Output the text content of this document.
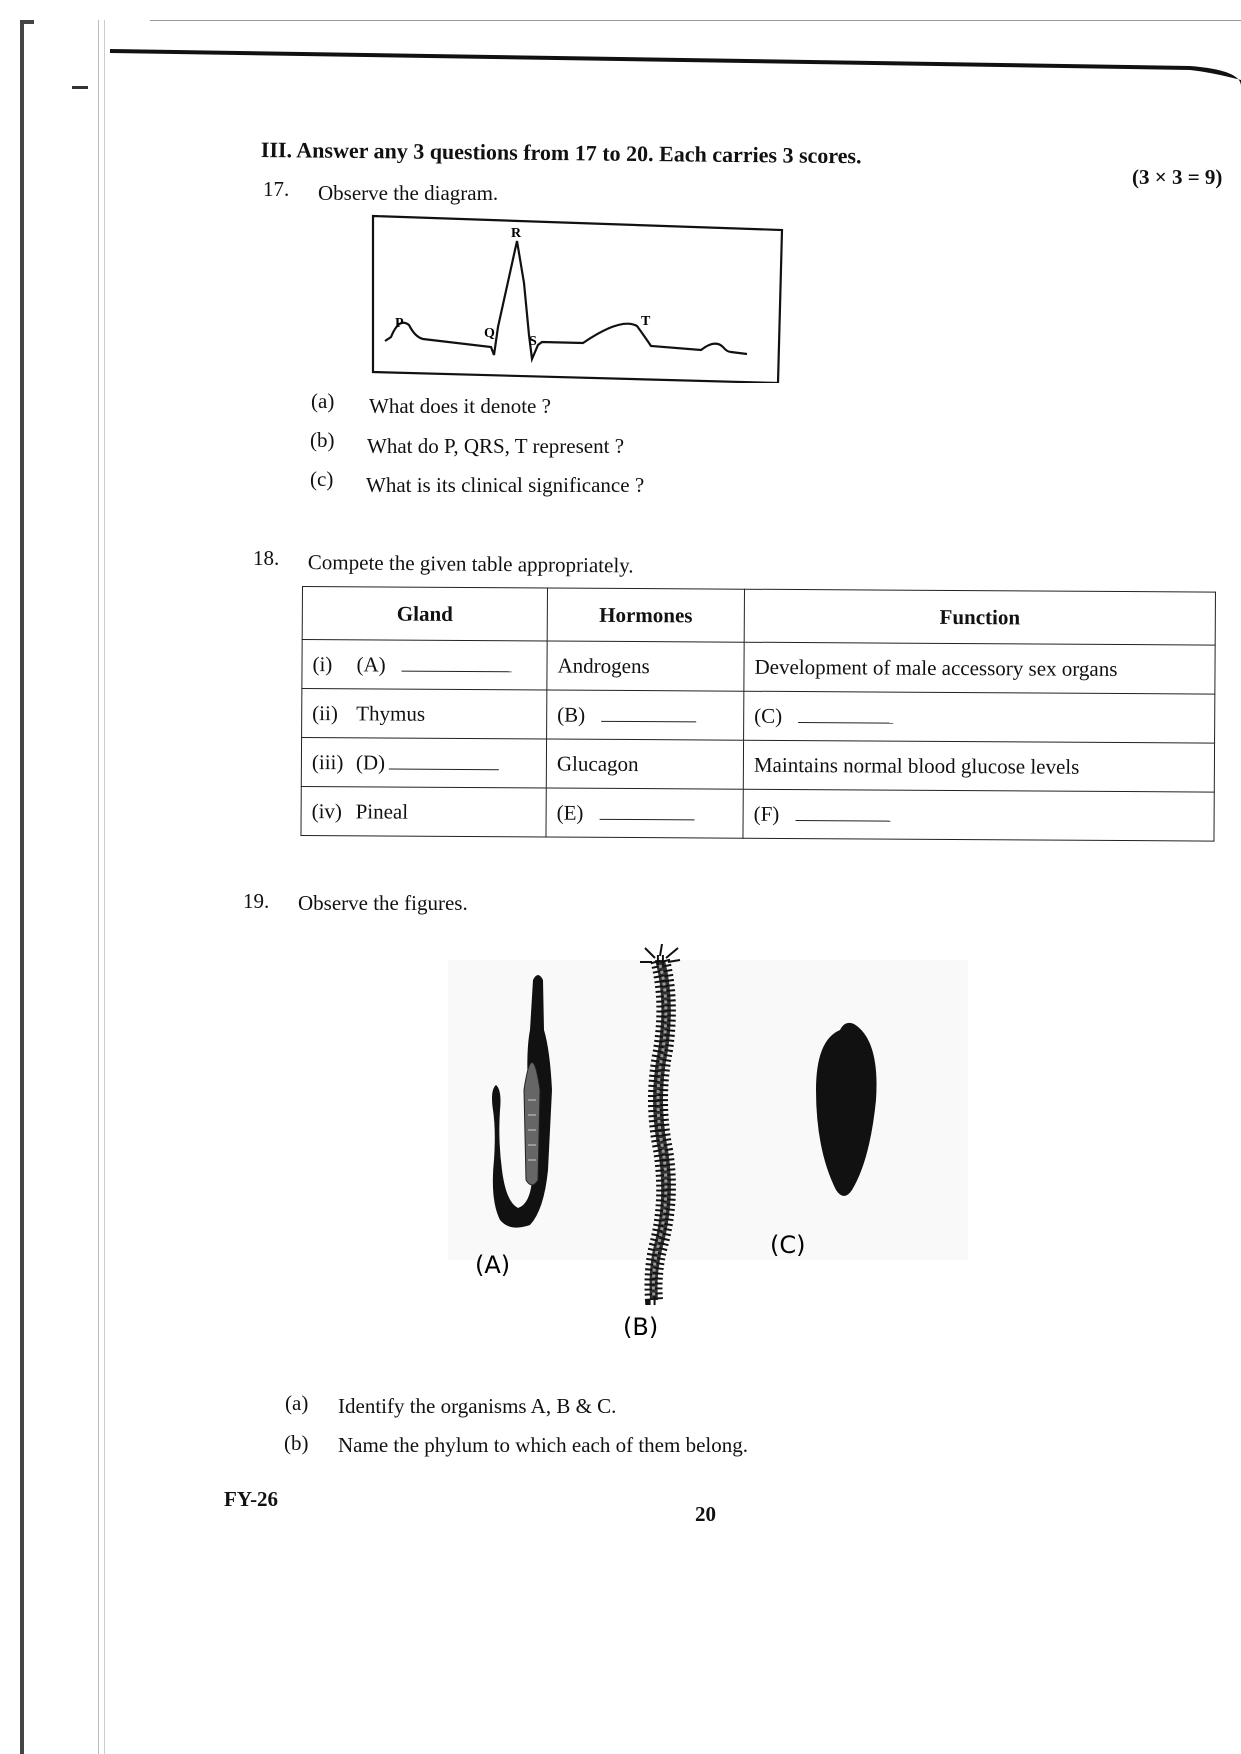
III. Answer any 3 questions from 17 to 20. Each carries 3 scores.
(3 × 3 = 9)
17. Observe the diagram.
P
Q
R
S
T
(a) What does it denote ?
(b) What do P, QRS, T represent ?
(c) What is its clinical significance ?
18. Compete the given table appropriately.
Gland	Hormones	Function
(i) (A)	Androgens	Development of male accessory sex organs
(ii) Thymus	(B)	(C)
(iii) (D)	Glucagon	Maintains normal blood glucose levels
(iv) Pineal	(E)	(F)
19. Observe the figures.
(A)
(B)
(C)
(a) Identify the organisms A, B & C.
(b) Name the phylum to which each of them belong.
FY-26
20
